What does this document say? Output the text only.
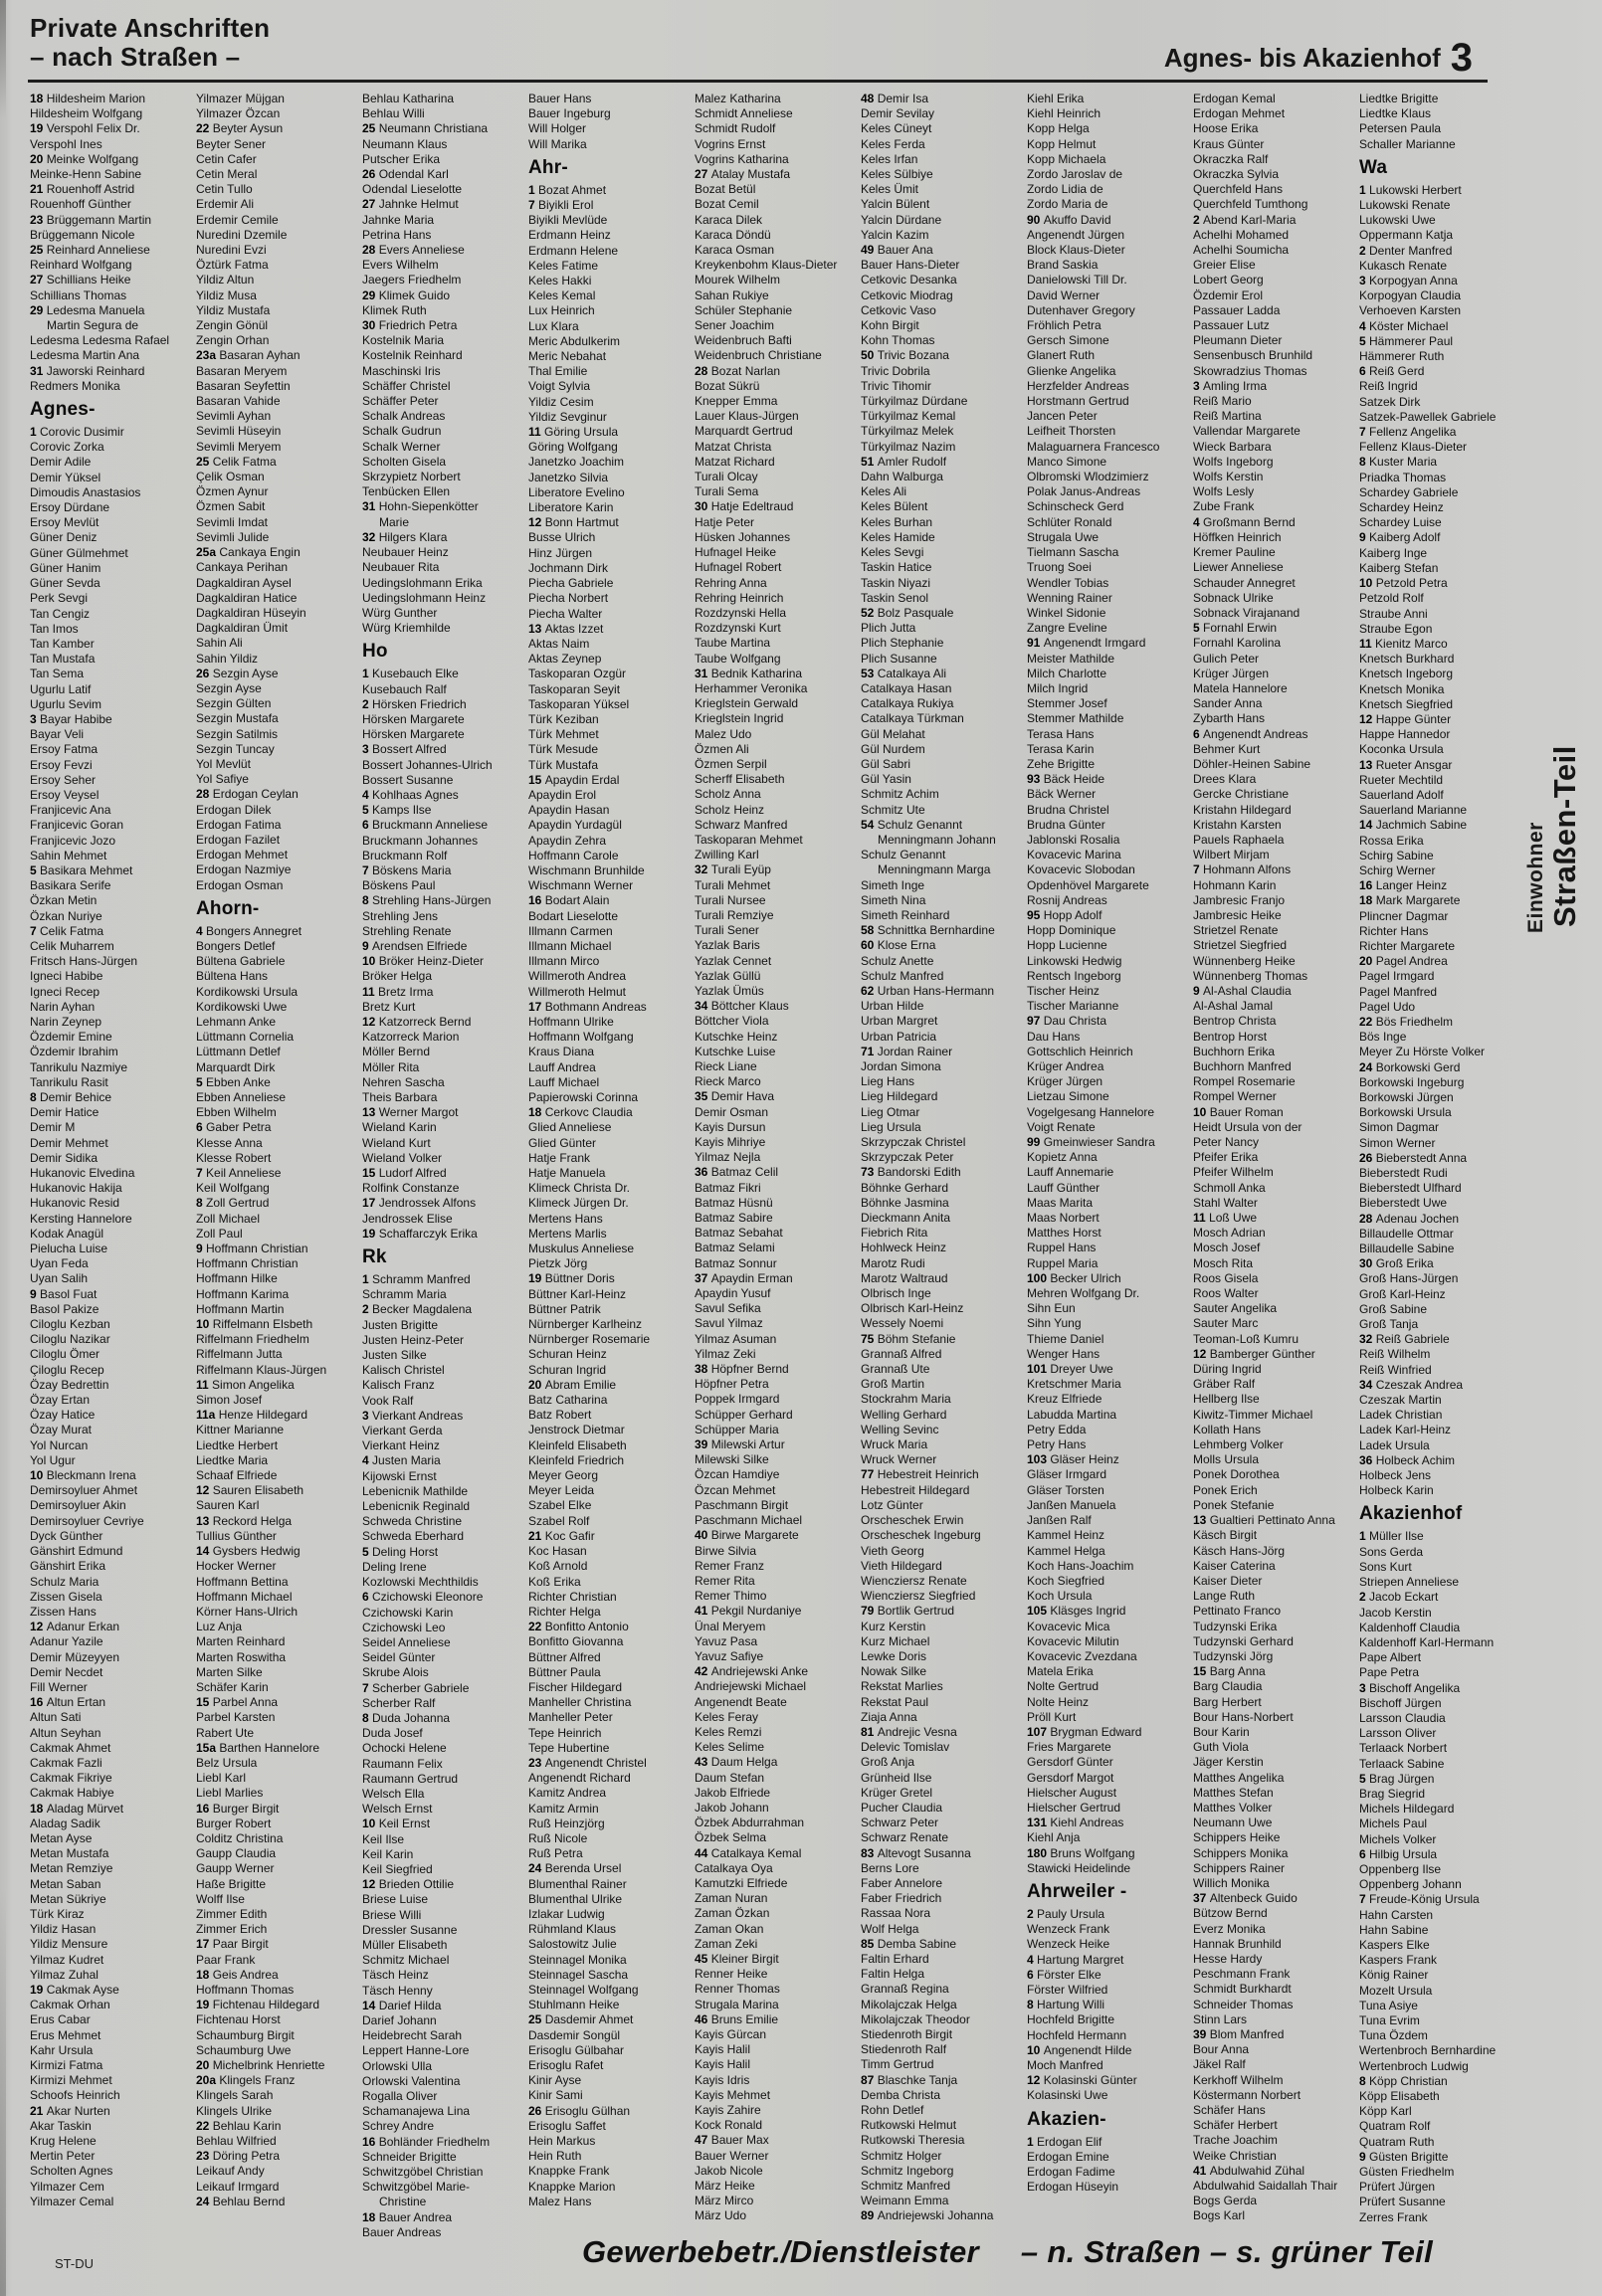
Private Anschriften
– nach Straßen –	Agnes- bis Akazienhof 3
18 Hildesheim Marion
Hildesheim Wolfgang
19 Verspohl Felix Dr.
Verspohl Ines
20 Meinke Wolfgang
Meinke-Henn Sabine
21 Rouenhoff Astrid
Rouenhoff Günther
23 Brüggemann Martin
Brüggemann Nicole
25 Reinhard Anneliese
Reinhard Wolfgang
27 Schillians Heike
Schillians Thomas
29 Ledesma Manuela
Martin Segura de
Ledesma Ledesma Rafael
Ledesma Martin Ana
31 Jaworski Reinhard
Redmers Monika
Agnes-
1 Corovic Dusimir
Corovic Zorka
Demir Adile
Demir Yüksel
Dimoudis Anastasios
Ersoy Dürdane
Ersoy Mevlüt
Güner Deniz
Güner Gülmehmet
Güner Hanim
Güner Sevda
Perk Sevgi
Tan Cengiz
Tan Imos
Tan Kamber
Tan Mustafa
Tan Sema
Ugurlu Latif
Ugurlu Sevim
3 Bayar Habibe
Bayar Veli
Ersoy Fatma
Ersoy Fevzi
Ersoy Seher
Ersoy Veysel
Franjicevic Ana
Franjicevic Goran
Franjicevic Jozo
Sahin Mehmet
5 Basikara Mehmet
Basikara Serife
Özkan Metin
Özkan Nuriye
7 Celik Fatma
Celik Muharrem
Fritsch Hans-Jürgen
Igneci Habibe
Igneci Recep
Narin Ayhan
Narin Zeynep
Özdemir Emine
Özdemir Ibrahim
Tanrikulu Nazmiye
Tanrikulu Rasit
8 Demir Behice
Demir Hatice
Demir M
Demir Mehmet
Demir Sidika
Hukanovic Elvedina
Hukanovic Hakija
Hukanovic Resid
Kersting Hannelore
Kodak Anagül
Pielucha Luise
Uyan Feda
Uyan Salih
9 Basol Fuat
Basol Pakize
Ciloglu Kezban
Ciloglu Nazikar
Ciloglu Ömer
Çiloglu Recep
Özay Bedrettin
Özay Ertan
Özay Hatice
Özay Murat
Yol Nurcan
Yol Ugur
10 Bleckmann Irena
Demirsoyluer Ahmet
Demirsoyluer Akin
Demirsoyluer Cevriye
Dyck Günther
Gänshirt Edmund
Gänshirt Erika
Schulz Maria
Zissen Gisela
Zissen Hans
12 Adanur Erkan
Adanur Yazile
Demir Müzeyyen
Demir Necdet
Fill Werner
16 Altun Ertan
Altun Sati
Altun Seyhan
Cakmak Ahmet
Cakmak Fazli
Cakmak Fikriye
Cakmak Habiye
18 Aladag Mürvet
Aladag Sadik
Metan Ayse
Metan Mustafa
Metan Remziye
Metan Saban
Metan Sükriye
Türk Kiraz
Yildiz Hasan
Yildiz Mensure
Yilmaz Kudret
Yilmaz Zuhal
19 Cakmak Ayse
Cakmak Orhan
Erus Cabar
Erus Mehmet
Kahr Ursula
Kirmizi Fatma
Kirmizi Mehmet
Schoofs Heinrich
21 Akar Nurten
Akar Taskin
Krug Helene
Mertin Peter
Scholten Agnes
Yilmazer Cem
Yilmazer Cemal
Yilmazer Müjgan
Yilmazer Özcan
22 Beyter Aysun
Beyter Sener
Cetin Cafer
Cetin Meral
Cetin Tullo
Erdemir Ali
Erdemir Cemile
Nuredini Dzemile
Nuredini Evzi
Öztürk Fatma
Yildiz Altun
Yildiz Musa
Yildiz Mustafa
Zengin Gönül
Zengin Orhan
23a Basaran Ayhan
Basaran Meryem
Basaran Seyfettin
Basaran Vahide
Sevimli Ayhan
Sevimli Hüseyin
Sevimli Meryem
25 Celik Fatma
Çelik Osman
Özmen Aynur
Özmen Sabit
Sevimli Imdat
Sevimli Julide
25a Cankaya Engin
Cankaya Perihan
Dagkaldiran Aysel
Dagkaldiran Hatice
Dagkaldiran Hüseyin
Dagkaldiran Ümit
Sahin Ali
Sahin Yildiz
26 Sezgin Ayse
Sezgin Ayse
Sezgin Gülten
Sezgin Mustafa
Sezgin Satilmis
Sezgin Tuncay
Yol Mevlüt
Yol Safiye
28 Erdogan Ceylan
Erdogan Dilek
Erdogan Fatima
Erdogan Fazilet
Erdogan Mehmet
Erdogan Nazmiye
Erdogan Osman
Ahorn-
4 Bongers Annegret
Bongers Detlef
Bültena Gabriele
Bültena Hans
Kordikowski Ursula
Kordikowski Uwe
Lehmann Anke
Lüttmann Cornelia
Lüttmann Detlef
Marquardt Dirk
5 Ebben Anke
Ebben Anneliese
Ebben Wilhelm
6 Gaber Petra
Klesse Anna
Klesse Robert
7 Keil Anneliese
Keil Wolfgang
8 Zoll Gertrud
Zoll Michael
Zoll Paul
9 Hoffmann Christian
Hoffmann Christian
Hoffmann Hilke
Hoffmann Karima
Hoffmann Martin
10 Riffelmann Elsbeth
Riffelmann Friedhelm
Riffelmann Jutta
Riffelmann Klaus-Jürgen
11 Simon Angelika
Simon Josef
11a Henze Hildegard
Kittner Marianne
Liedtke Herbert
Liedtke Maria
Schaaf Elfriede
12 Sauren Elisabeth
Sauren Karl
13 Reckord Helga
Tullius Günther
14 Gysbers Hedwig
Hocker Werner
Hoffmann Bettina
Hoffmann Michael
Körner Hans-Ulrich
Luz Anja
Marten Reinhard
Marten Roswitha
Marten Silke
Schäfer Karin
15 Parbel Anna
Parbel Karsten
Rabert Ute
15a Barthen Hannelore
Belz Ursula
Liebl Karl
Liebl Marlies
16 Burger Birgit
Burger Robert
Colditz Christina
Gaupp Claudia
Gaupp Werner
Haße Brigitte
Wolff Ilse
Zimmer Edith
Zimmer Erich
17 Paar Birgit
Paar Frank
18 Geis Andrea
Hoffmann Thomas
19 Fichtenau Hildegard
Fichtenau Horst
Schaumburg Birgit
Schaumburg Uwe
20 Michelbrink Henriette
20a Klingels Franz
Klingels Sarah
Klingels Ulrike
22 Behlau Karin
Behlau Wilfried
23 Döring Petra
Leikauf Andy
Leikauf Irmgard
24 Behlau Bernd
Behlau Katharina
Behlau Willi
25 Neumann Christiana
Neumann Klaus
Putscher Erika
26 Odendal Karl
Odendal Lieselotte
27 Jahnke Helmut
Jahnke Maria
Petrina Hans
28 Evers Anneliese
Evers Wilhelm
Jaegers Friedhelm
29 Klimek Guido
Klimek Ruth
30 Friedrich Petra
Kostelnik Maria
Kostelnik Reinhard
Maschinski Iris
Schäffer Christel
Schäffer Peter
Schalk Andreas
Schalk Gudrun
Schalk Werner
Scholten Gisela
Skrzypietz Norbert
Tenbücken Ellen
31 Hohn-Siepenkötter
Marie
32 Hilgers Klara
Neubauer Heinz
Neubauer Rita
Uedingslohmann Erika
Uedingslohmann Heinz
Würg Gunther
Würg Kriemhilde
Ho
1 Kusebauch Elke
Kusebauch Ralf
2 Hörsken Friedrich
Hörsken Margarete
Hörsken Margarete
3 Bossert Alfred
Bossert Johannes-Ulrich
Bossert Susanne
4 Kohlhaas Agnes
5 Kamps Ilse
6 Bruckmann Anneliese
Bruckmann Johannes
Bruckmann Rolf
7 Böskens Maria
Böskens Paul
8 Strehling Hans-Jürgen
Strehling Jens
Strehling Renate
9 Arendsen Elfriede
10 Bröker Heinz-Dieter
Bröker Helga
11 Bretz Irma
Bretz Kurt
12 Katzorreck Bernd
Katzorreck Marion
Möller Bernd
Möller Rita
Nehren Sascha
Theis Barbara
13 Werner Margot
Wieland Karin
Wieland Kurt
Wieland Volker
15 Ludorf Alfred
Rolfink Constanze
17 Jendrossek Alfons
Jendrossek Elise
19 Schaffarczyk Erika
Rk
1 Schramm Manfred
Schramm Maria
2 Becker Magdalena
Justen Brigitte
Justen Heinz-Peter
Justen Silke
Kalisch Christel
Kalisch Franz
Vook Ralf
3 Vierkant Andreas
Vierkant Gerda
Vierkant Heinz
4 Justen Maria
Kijowski Ernst
Lebenicnik Mathilde
Lebenicnik Reginald
Schweda Christine
Schweda Eberhard
5 Deling Horst
Deling Irene
Kozlowski Mechthildis
6 Czichowski Eleonore
Czichowski Karin
Czichowski Leo
Seidel Anneliese
Seidel Günter
Skrube Alois
7 Scherber Gabriele
Scherber Ralf
8 Duda Johanna
Duda Josef
Ochocki Helene
Raumann Felix
Raumann Gertrud
Welsch Ella
Welsch Ernst
10 Keil Ernst
Keil Ilse
Keil Karin
Keil Siegfried
12 Brieden Ottilie
Briese Luise
Briese Willi
Dressler Susanne
Müller Elisabeth
Schmitz Michael
Täsch Heinz
Täsch Henny
14 Darief Hilda
Darief Johann
Heidebrecht Sarah
Leppert Hanne-Lore
Orlowski Ulla
Orlowski Valentina
Rogalla Oliver
Schamanajewa Lina
Schrey Andre
16 Bohländer Friedhelm
Schneider Brigitte
Schwitzgöbel Christian
Schwitzgöbel Marie-
Christine
18 Bauer Andrea
Bauer Andreas
Bauer Hans
Bauer Ingeburg
Will Holger
Will Marika
Ahr-
1 Bozat Ahmet
7 Biyikli Erol
Biyikli Mevlüde
Erdmann Heinz
Erdmann Helene
Keles Fatime
Keles Hakki
Keles Kemal
Lux Heinrich
Lux Klara
Meric Abdulkerim
Meric Nebahat
Thal Emilie
Voigt Sylvia
Yildiz Cesim
Yildiz Sevginur
11 Göring Ursula
Göring Wolfgang
Janetzko Joachim
Janetzko Silvia
Liberatore Evelino
Liberatore Karin
12 Bonn Hartmut
Busse Ulrich
Hinz Jürgen
Jochmann Dirk
Piecha Gabriele
Piecha Norbert
Piecha Walter
13 Aktas Izzet
Aktas Naim
Aktas Zeynep
Taskoparan Ozgür
Taskoparan Seyit
Taskoparan Yüksel
Türk Keziban
Türk Mehmet
Türk Mesude
Türk Mustafa
15 Apaydin Erdal
Apaydin Erol
Apaydin Hasan
Apaydin Yurdagül
Apaydin Zehra
Hoffmann Carole
Wischmann Brunhilde
Wischmann Werner
16 Bodart Alain
Bodart Lieselotte
Illmann Carmen
Illmann Michael
Illmann Mirco
Willmeroth Andrea
Willmeroth Helmut
17 Bothmann Andreas
Hoffmann Ulrike
Hoffmann Wolfgang
Kraus Diana
Lauff Andrea
Lauff Michael
Papierowski Corinna
18 Cerkovc Claudia
Glied Anneliese
Glied Günter
Hatje Frank
Hatje Manuela
Klimeck Christa Dr.
Klimeck Jürgen Dr.
Mertens Hans
Mertens Marlis
Muskulus Anneliese
Pietzk Jörg
19 Büttner Doris
Büttner Karl-Heinz
Büttner Patrik
Nürnberger Karlheinz
Nürnberger Rosemarie
Schuran Heinz
Schuran Ingrid
20 Abram Emilie
Batz Catharina
Batz Robert
Jenstrock Dietmar
Kleinfeld Elisabeth
Kleinfeld Friedrich
Meyer Georg
Meyer Leida
Szabel Elke
Szabel Rolf
21 Koc Gafir
Koc Hasan
Koß Arnold
Koß Erika
Richter Christian
Richter Helga
22 Bonfitto Antonio
Bonfitto Giovanna
Büttner Alfred
Büttner Paula
Fischer Hildegard
Manheller Christina
Manheller Peter
Tepe Heinrich
Tepe Hubertine
23 Angenendt Christel
Angenendt Richard
Kamitz Andrea
Kamitz Armin
Ruß Heinzjörg
Ruß Nicole
Ruß Petra
24 Berenda Ursel
Blumenthal Rainer
Blumenthal Ulrike
Izlakar Ludwig
Rühmland Klaus
Salostowitz Julie
Steinnagel Monika
Steinnagel Sascha
Steinnagel Wolfgang
Stuhlmann Heike
25 Dasdemir Ahmet
Dasdemir Songül
Erisoglu Gülbahar
Erisoglu Rafet
Kinir Ayse
Kinir Sami
26 Erisoglu Gülhan
Erisoglu Saffet
Hein Markus
Hein Ruth
Knappke Frank
Knappke Marion
Malez Hans
Malez Katharina
Schmidt Anneliese
Schmidt Rudolf
Vogrins Ernst
Vogrins Katharina
27 Atalay Mustafa
Bozat Betül
Bozat Cemil
Karaca Dilek
Karaca Döndü
Karaca Osman
Kreykenbohm Klaus-Dieter
Mourek Wilhelm
Sahan Rukiye
Schüler Stephanie
Sener Joachim
Weidenbruch Bafti
Weidenbruch Christiane
28 Bozat Narlan
Bozat Sükrü
Knepper Emma
Lauer Klaus-Jürgen
Marquardt Gertrud
Matzat Christa
Matzat Richard
Turali Olcay
Turali Sema
30 Hatje Edeltraud
Hatje Peter
Hüsken Johannes
Hufnagel Heike
Hufnagel Robert
Rehring Anna
Rehring Heinrich
Rozdzynski Hella
Rozdzynski Kurt
Taube Martina
Taube Wolfgang
31 Bednik Katharina
Herhammer Veronika
Krieglstein Gerwald
Krieglstein Ingrid
Malez Udo
Özmen Ali
Özmen Serpil
Scherff Elisabeth
Scholz Anna
Scholz Heinz
Schwarz Manfred
Taskoparan Mehmet
Zwilling Karl
32 Turali Eyüp
Turali Mehmet
Turali Nursee
Turali Remziye
Turali Sener
Yazlak Baris
Yazlak Cennet
Yazlak Güllü
Yazlak Ümüs
34 Böttcher Klaus
Böttcher Viola
Kutschke Heinz
Kutschke Luise
Rieck Liane
Rieck Marco
35 Demir Hava
Demir Osman
Kayis Dursun
Kayis Mihriye
Yilmaz Nejla
36 Batmaz Celil
Batmaz Fikri
Batmaz Hüsnü
Batmaz Sabire
Batmaz Sebahat
Batmaz Selami
Batmaz Sonnur
37 Apaydin Erman
Apaydin Yusuf
Savul Sefika
Savul Yilmaz
Yilmaz Asuman
Yilmaz Zeki
38 Höpfner Bernd
Höpfner Petra
Poppek Irmgard
Schüpper Gerhard
Schüpper Maria
39 Milewski Artur
Milewski Silke
Özcan Hamdiye
Özcan Mehmet
Paschmann Birgit
Paschmann Michael
40 Birwe Margarete
Birwe Silvia
Remer Franz
Remer Rita
Remer Thimo
41 Pekgil Nurdaniye
Ünal Meryem
Yavuz Pasa
Yavuz Safiye
42 Andriejewski Anke
Andriejewski Michael
Angenendt Beate
Keles Feray
Keles Remzi
Keles Selime
43 Daum Helga
Daum Stefan
Jakob Elfriede
Jakob Johann
Özbek Abdurrahman
Özbek Selma
44 Catalkaya Kemal
Catalkaya Oya
Kamutzki Elfriede
Zaman Nuran
Zaman Özkan
Zaman Okan
Zaman Zeki
45 Kleiner Birgit
Renner Heike
Renner Thomas
Strugala Marina
46 Bruns Emilie
Kayis Gürcan
Kayis Halil
Kayis Halil
Kayis Idris
Kayis Mehmet
Kayis Zahire
Kock Ronald
47 Bauer Max
Bauer Werner
Jakob Nicole
März Heike
März Mirco
März Udo
48 Demir Isa
Demir Sevilay
Keles Cüneyt
Keles Ferda
Keles Irfan
Keles Sülbiye
Keles Ümit
Yalcin Bülent
Yalcin Dürdane
Yalcin Kazim
49 Bauer Ana
Bauer Hans-Dieter
Cetkovic Desanka
Cetkovic Miodrag
Cetkovic Vaso
Kohn Birgit
Kohn Thomas
50 Trivic Bozana
Trivic Dobrila
Trivic Tihomir
Türkyilmaz Dürdane
Türkyilmaz Kemal
Türkyilmaz Melek
Türkyilmaz Nazim
51 Amler Rudolf
Dahn Walburga
Keles Ali
Keles Bülent
Keles Burhan
Keles Hamide
Keles Sevgi
Taskin Hatice
Taskin Niyazi
Taskin Senol
52 Bolz Pasquale
Plich Jutta
Plich Stephanie
Plich Susanne
53 Catalkaya Ali
Catalkaya Hasan
Catalkaya Rukiya
Catalkaya Türkman
Gül Melahat
Gül Nurdem
Gül Sabri
Gül Yasin
Schmitz Achim
Schmitz Ute
54 Schulz Genannt
Menningmann Johann
Schulz Genannt
Menningmann Marga
Simeth Inge
Simeth Nina
Simeth Reinhard
58 Schnittka Bernhardine
60 Klose Erna
Schulz Anette
Schulz Manfred
62 Urban Hans-Hermann
Urban Hilde
Urban Margret
Urban Patricia
71 Jordan Rainer
Jordan Simona
Lieg Hans
Lieg Hildegard
Lieg Otmar
Lieg Ursula
Skrzypczak Christel
Skrzypczak Peter
73 Bandorski Edith
Böhnke Gerhard
Böhnke Jasmina
Dieckmann Anita
Fiebrich Rita
Hohlweck Heinz
Marotz Rudi
Marotz Waltraud
Olbrisch Inge
Olbrisch Karl-Heinz
Wessely Noemi
75 Böhm Stefanie
Grannaß Alfred
Grannaß Ute
Groß Martin
Stockrahm Maria
Welling Gerhard
Welling Sevinc
Wruck Maria
Wruck Werner
77 Hebestreit Heinrich
Hebestreit Hildegard
Lotz Günter
Orscheschek Erwin
Orscheschek Ingeburg
Vieth Georg
Vieth Hildegard
Wiencziersz Renate
Wiencziersz Siegfried
79 Bortlik Gertrud
Kurz Kerstin
Kurz Michael
Lewke Doris
Nowak Silke
Rekstat Marlies
Rekstat Paul
Ziaja Anna
81 Andrejic Vesna
Delevic Tomislav
Groß Anja
Grünheid Ilse
Krüger Gretel
Pucher Claudia
Schwarz Peter
Schwarz Renate
83 Altevogt Susanna
Berns Lore
Faber Annelore
Faber Friedrich
Rassaa Nora
Wolf Helga
85 Demba Sabine
Faltin Erhard
Faltin Helga
Grannaß Regina
Mikolajczak Helga
Mikolajczak Theodor
Stiedenroth Birgit
Stiedenroth Ralf
Timm Gertrud
87 Blaschke Tanja
Demba Christa
Rohn Detlef
Rutkowski Helmut
Rutkowski Theresia
Schmitz Holger
Schmitz Ingeborg
Schmitz Manfred
Weimann Emma
89 Andriejewski Johanna
Kiehl Erika
Kiehl Heinrich
Kopp Helga
Kopp Helmut
Kopp Michaela
Zordo Jaroslav de
Zordo Lidia de
Zordo Maria de
90 Akuffo David
Angenendt Jürgen
Block Klaus-Dieter
Brand Saskia
Danielowski Till Dr.
David Werner
Dutenhaver Gregory
Fröhlich Petra
Gersch Simone
Glanert Ruth
Glienke Angelika
Herzfelder Andreas
Horstmann Gertrud
Jancen Peter
Leifheit Thorsten
Malaguarnera Francesco
Manco Simone
Olbromski Wlodzimierz
Polak Janus-Andreas
Schinscheck Gerd
Schlüter Ronald
Strugala Uwe
Tielmann Sascha
Truong Soei
Wendler Tobias
Wenning Rainer
Winkel Sidonie
Zangre Eveline
91 Angenendt Irmgard
Meister Mathilde
Milch Charlotte
Milch Ingrid
Stemmer Josef
Stemmer Mathilde
Terasa Hans
Terasa Karin
Zehe Brigitte
93 Bäck Heide
Bäck Werner
Brudna Christel
Brudna Günter
Jablonski Rosalia
Kovacevic Marina
Kovacevic Slobodan
Opdenhövel Margarete
Rosnij Andreas
95 Hopp Adolf
Hopp Dominique
Hopp Lucienne
Linkowski Hedwig
Rentsch Ingeborg
Tischer Heinz
Tischer Marianne
97 Dau Christa
Dau Hans
Gottschlich Heinrich
Krüger Andrea
Krüger Jürgen
Lietzau Simone
Vogelgesang Hannelore
Voigt Renate
99 Gmeinwieser Sandra
Kopietz Anna
Lauff Annemarie
Lauff Günther
Maas Marita
Maas Norbert
Matthes Horst
Ruppel Hans
Ruppel Maria
100 Becker Ulrich
Mehren Wolfgang Dr.
Sihn Eun
Sihn Yung
Thieme Daniel
Wenger Hans
101 Dreyer Uwe
Kretschmer Maria
Kreuz Elfriede
Labudda Martina
Petry Edda
Petry Hans
103 Gläser Heinz
Gläser Irmgard
Gläser Torsten
Janßen Manuela
Janßen Ralf
Kammel Heinz
Kammel Helga
Koch Hans-Joachim
Koch Siegfried
Koch Ursula
105 Kläsges Ingrid
Kovacevic Mica
Kovacevic Milutin
Kovacevic Zvezdana
Matela Erika
Nolte Gertrud
Nolte Heinz
Pröll Kurt
107 Brygman Edward
Fries Margarete
Gersdorf Günter
Gersdorf Margot
Hielscher August
Hielscher Gertrud
131 Kiehl Andreas
Kiehl Anja
180 Bruns Wolfgang
Stawicki Heidelinde
Ahrweiler -
2 Pauly Ursula
Wenzeck Frank
Wenzeck Heike
4 Hartung Margret
6 Förster Elke
Förster Wilfried
8 Hartung Willi
Hochfeld Brigitte
Hochfeld Hermann
10 Angenendt Hilde
Moch Manfred
12 Kolasinski Günter
Kolasinski Uwe
Akazien-
1 Erdogan Elif
Erdogan Emine
Erdogan Fadime
Erdogan Hüseyin
Erdogan Kemal
Erdogan Mehmet
Hoose Erika
Kraus Günter
Okraczka Ralf
Okraczka Sylvia
Querchfeld Hans
Querchfeld Tumthong
2 Abend Karl-Maria
Achelhi Mohamed
Achelhi Soumicha
Greier Elise
Lobert Georg
Özdemir Erol
Passauer Ladda
Passauer Lutz
Pleumann Dieter
Sensenbusch Brunhild
Skowradzius Thomas
3 Amling Irma
Reiß Mario
Reiß Martina
Vallendar Margarete
Wieck Barbara
Wolfs Ingeborg
Wolfs Kerstin
Wolfs Lesly
Zube Frank
4 Großmann Bernd
Höffken Heinrich
Kremer Pauline
Liewer Anneliese
Schauder Annegret
Sobnack Ulrike
Sobnack Virajanand
5 Fornahl Erwin
Fornahl Karolina
Gulich Peter
Krüger Jürgen
Matela Hannelore
Sander Anna
Zybarth Hans
6 Angenendt Andreas
Behmer Kurt
Döhler-Heinen Sabine
Drees Klara
Gercke Christiane
Kristahn Hildegard
Kristahn Karsten
Pauels Raphaela
Wilbert Mirjam
7 Hohmann Alfons
Hohmann Karin
Jambresic Franjo
Jambresic Heike
Strietzel Renate
Strietzel Siegfried
Wünnenberg Heike
Wünnenberg Thomas
9 Al-Ashal Claudia
Al-Ashal Jamal
Bentrop Christa
Bentrop Horst
Buchhorn Erika
Buchhorn Manfred
Rompel Rosemarie
Rompel Werner
10 Bauer Roman
Heidt Ursula von der
Peter Nancy
Pfeifer Erika
Pfeifer Wilhelm
Schmoll Anka
Stahl Walter
11 Loß Uwe
Mosch Adrian
Mosch Josef
Mosch Rita
Roos Gisela
Roos Walter
Sauter Angelika
Sauter Marc
Teoman-Loß Kumru
12 Bamberger Günther
Düring Ingrid
Gräber Ralf
Hellberg Ilse
Kiwitz-Timmer Michael
Kollath Hans
Lehmberg Volker
Molls Ursula
Ponek Dorothea
Ponek Erich
Ponek Stefanie
13 Gualtieri Pettinato Anna
Käsch Birgit
Käsch Hans-Jörg
Kaiser Caterina
Kaiser Dieter
Lange Ruth
Pettinato Franco
Tudzynski Erika
Tudzynski Gerhard
Tudzynski Jörg
15 Barg Anna
Barg Claudia
Barg Herbert
Bour Hans-Norbert
Bour Karin
Guth Viola
Jäger Kerstin
Matthes Angelika
Matthes Stefan
Matthes Volker
Neumann Uwe
Schippers Heike
Schippers Monika
Schippers Rainer
Willich Monika
37 Altenbeck Guido
Bützow Bernd
Everz Monika
Hannak Brunhild
Hesse Hardy
Peschmann Frank
Schmidt Burkhardt
Schneider Thomas
Stinn Lars
39 Blom Manfred
Bour Anna
Jäkel Ralf
Kerkhoff Wilhelm
Köstermann Norbert
Schäfer Hans
Schäfer Herbert
Trache Joachim
Weike Christian
41 Abdulwahid Zühal
Abdulwahid Saidallah Thair
Bogs Gerda
Bogs Karl
Liedtke Brigitte
Liedtke Klaus
Petersen Paula
Schaller Marianne
Wa
1 Lukowski Herbert
Lukowski Renate
Lukowski Uwe
Oppermann Katja
2 Denter Manfred
Kukasch Renate
3 Korpogyan Anna
Korpogyan Claudia
Verhoeven Karsten
4 Köster Michael
5 Hämmerer Paul
Hämmerer Ruth
6 Reiß Gerd
Reiß Ingrid
Satzek Dirk
Satzek-Pawellek Gabriele
7 Fellenz Angelika
Fellenz Klaus-Dieter
8 Kuster Maria
Priadka Thomas
Schardey Gabriele
Schardey Heinz
Schardey Luise
9 Kaiberg Adolf
Kaiberg Inge
Kaiberg Stefan
10 Petzold Petra
Petzold Rolf
Straube Anni
Straube Egon
11 Kienitz Marco
Knetsch Burkhard
Knetsch Ingeborg
Knetsch Monika
Knetsch Siegfried
12 Happe Günter
Happe Hannedor
Koconka Ursula
13 Rueter Ansgar
Rueter Mechtild
Sauerland Adolf
Sauerland Marianne
14 Jachmich Sabine
Rossa Erika
Schirg Sabine
Schirg Werner
16 Langer Heinz
18 Mark Margarete
Plincner Dagmar
Richter Hans
Richter Margarete
20 Pagel Andrea
Pagel Irmgard
Pagel Manfred
Pagel Udo
22 Bös Friedhelm
Bös Inge
Meyer Zu Hörste Volker
24 Borkowski Gerd
Borkowski Ingeburg
Borkowski Jürgen
Borkowski Ursula
Simon Dagmar
Simon Werner
26 Bieberstedt Anna
Bieberstedt Rudi
Bieberstedt Ulfhard
Bieberstedt Uwe
28 Adenau Jochen
Billaudelle Ottmar
Billaudelle Sabine
30 Groß Erika
Groß Hans-Jürgen
Groß Karl-Heinz
Groß Sabine
Groß Tanja
32 Reiß Gabriele
Reiß Wilhelm
Reiß Winfried
34 Czeszak Andrea
Czeszak Martin
Ladek Christian
Ladek Karl-Heinz
Ladek Ursula
36 Holbeck Achim
Holbeck Jens
Holbeck Karin
Akazienhof
1 Müller Ilse
Sons Gerda
Sons Kurt
Striepen Anneliese
2 Jacob Eckart
Jacob Kerstin
Kaldenhoff Claudia
Kaldenhoff Karl-Hermann
Pape Albert
Pape Petra
3 Bischoff Angelika
Bischoff Jürgen
Larsson Claudia
Larsson Oliver
Terlaack Norbert
Terlaack Sabine
5 Brag Jürgen
Brag Siegrid
Michels Hildegard
Michels Paul
Michels Volker
6 Hilbig Ursula
Oppenberg Ilse
Oppenberg Johann
7 Freude-König Ursula
Hahn Carsten
Hahn Sabine
Kaspers Elke
Kaspers Frank
König Rainer
Mozelt Ursula
Tuna Asiye
Tuna Evrim
Tuna Özdem
Wertenbroch Bernhardine
Wertenbroch Ludwig
8 Köpp Christian
Köpp Elisabeth
Köpp Karl
Quatram Rolf
Quatram Ruth
9 Güsten Brigitte
Güsten Friedhelm
Prüfert Jürgen
Prüfert Susanne
Zerres Frank
Einwohner Straßen-Teil
ST-DU	Gewerbebetr./Dienstleister – n. Straßen – s. grüner Teil
